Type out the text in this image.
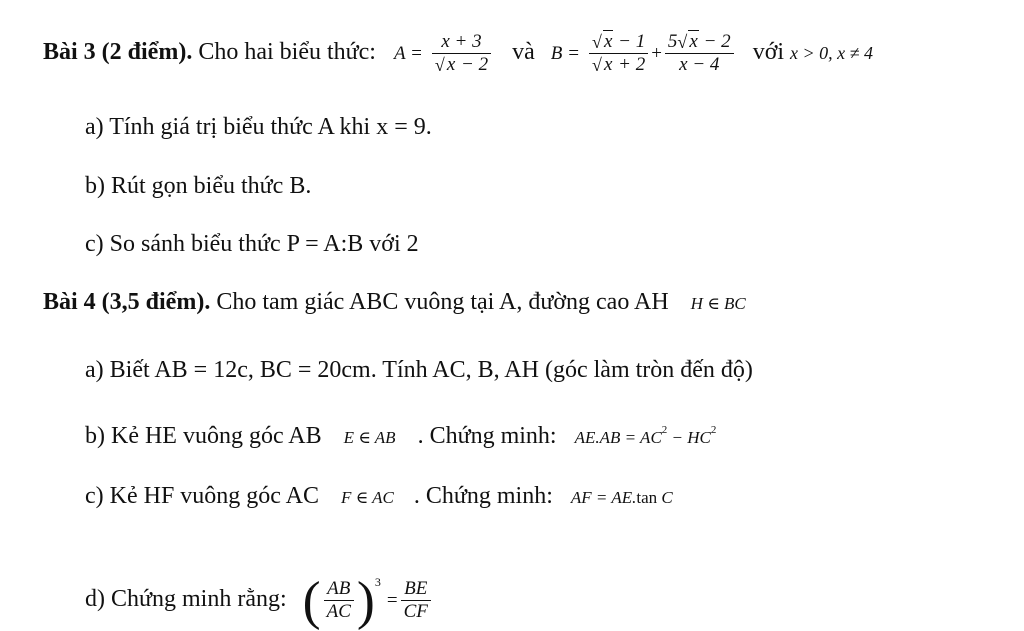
Bài 3 (2 điểm). Cho hai biểu thức:  $A = \frac{x + 3}{√ x - 2}$ và $B = \frac{√ x - 1}{√ x + 2} + \frac{5 √ x - 2}{x - 4}$ với x > 0, x ≠ 4
a) Tính giá trị biểu thức A khi x = 9.
b) Rút gọn biểu thức B.
c) So sánh biểu thức P = A:B với 2
Bài 4 (3,5 điểm). Cho tam giác ABC vuông tại A, đường cao AH H ∈ BC
a) Biết AB = 12c, BC = 20cm. Tính AC, B, AH (góc làm tròn đến độ)
b) Kẻ HE vuông góc AB E ∈ AB . Chứng minh: $AE.AB = AC^2 - HC^2$
c) Kẻ HF vuông góc AC F ∈ AC . Chứng minh: AF = AE.tan C
d) Chứng minh rằng: ( $\frac{AB}{AC} )^3 = \frac{BE}{CF}$
